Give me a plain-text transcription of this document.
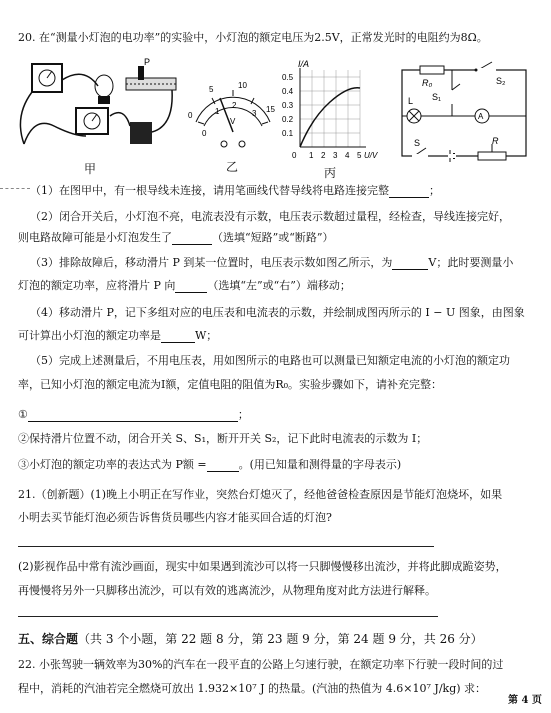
20. 在“测量小灯泡的电功率”的实验中，小灯泡的额定电压为2.5V，正常发光时的电阻约为8Ω。
P
甲
0
5	10
15
0
1
2
3
V
乙
I/A
0.5
0.4
0.3
0.2
0.1
0 1 2 3 4 5 U/V
丙
R₀	S₂
S₁
L
A
S	R
（1）在图甲中，有一根导线未连接，请用笔画线代替导线将电路连接完整	；
（2）闭合开关后，小灯泡不亮，电流表没有示数，电压表示数超过量程，经检查，导线连接完好，
则电路故障可能是小灯泡发生了	（选填“短路”或“断路”）
（3）排除故障后，移动滑片 P 到某一位置时，电压表示数如图乙所示，为	V；此时要测量小
灯泡的额定功率，应将滑片 P 向	（选填“左”或“右”）端移动；
（4）移动滑片 P，记下多组对应的电压表和电流表的示数，并绘制成图丙所示的 I − U 图象，由图象
可计算出小灯泡的额定功率是	W；
（5）完成上述测量后，不用电压表，用如图所示的电路也可以测量已知额定电流的小灯泡的额定功
率，已知小灯泡的额定电流为I额，定值电阻的阻值为R₀。实验步骤如下，请补充完整：
①	；
②保持滑片位置不动，闭合开关 S、S₁，断开开关 S₂，记下此时电流表的示数为 I；
③小灯泡的额定功率的表达式为 P额 =	。(用已知量和测得量的字母表示)
21.（创新题）(1)晚上小明正在写作业，突然台灯熄灭了，经他爸爸检查原因是节能灯泡烧坏，如果
小明去买节能灯泡必须告诉售货员哪些内容才能买回合适的灯泡?
(2)影视作品中常有流沙画面，现实中如果遇到流沙可以将一只脚慢慢移出流沙，并将此脚成跪姿势，
再慢慢将另外一只脚移出流沙，可以有效的逃离流沙，从物理角度对此方法进行解释。
五、综合题（共 3 个小题，第 22 题 8 分，第 23 题 9 分，第 24 题 9 分，共 26 分）
22. 小张驾驶一辆效率为30%的汽车在一段平直的公路上匀速行驶，在额定功率下行驶一段时间的过
程中，消耗的汽油若完全燃烧可放出 1.932×10⁷ J 的热量。(汽油的热值为 4.6×10⁷ J/kg) 求：
第 4 页
